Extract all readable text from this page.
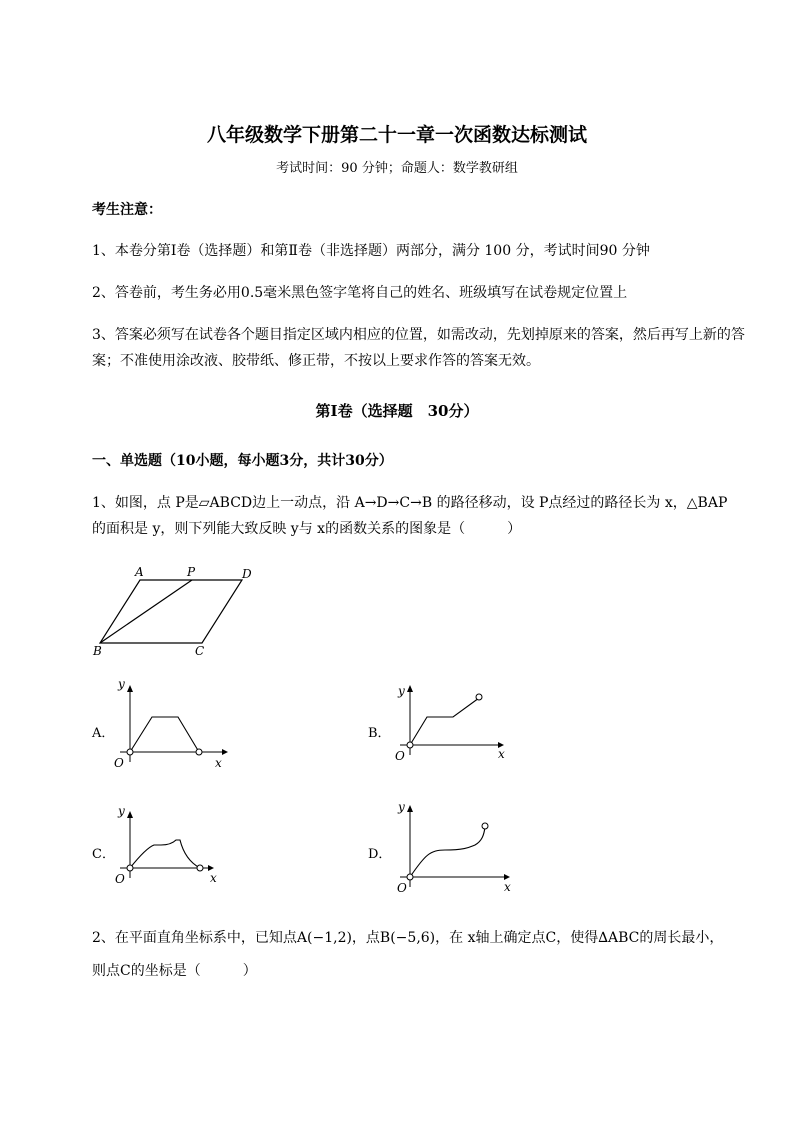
八年级数学下册第二十一章一次函数达标测试
考试时间：90 分钟；命题人：数学教研组
考生注意：
1、本卷分第Ⅰ卷（选择题）和第Ⅱ卷（非选择题）两部分，满分 100 分，考试时间90 分钟
2、答卷前，考生务必用0.5毫米黑色签字笔将自己的姓名、班级填写在试卷规定位置上
3、答案必须写在试卷各个题目指定区域内相应的位置，如需改动，先划掉原来的答案，然后再写上新的答案；不准使用涂改液、胶带纸、修正带，不按以上要求作答的答案无效。
第Ⅰ卷（选择题　30分）
一、单选题（10小题，每小题3分，共计30分）
1、如图，点 P是▱ABCD边上一动点，沿 A→D→C→B 的路径移动，设 P点经过的路径长为 x，△BAP
的面积是 y，则下列能大致反映 y与 x的函数关系的图象是（　　　）
A	P	D
B	C
A．
y
x
O
B．
y
x
O
C．
y
x
O
D．
y
x
O
2、在平面直角坐标系中，已知点A(−1,2)，点B(−5,6)，在 x轴上确定点C，使得∆ABC的周长最小，
则点C的坐标是（　　　）
